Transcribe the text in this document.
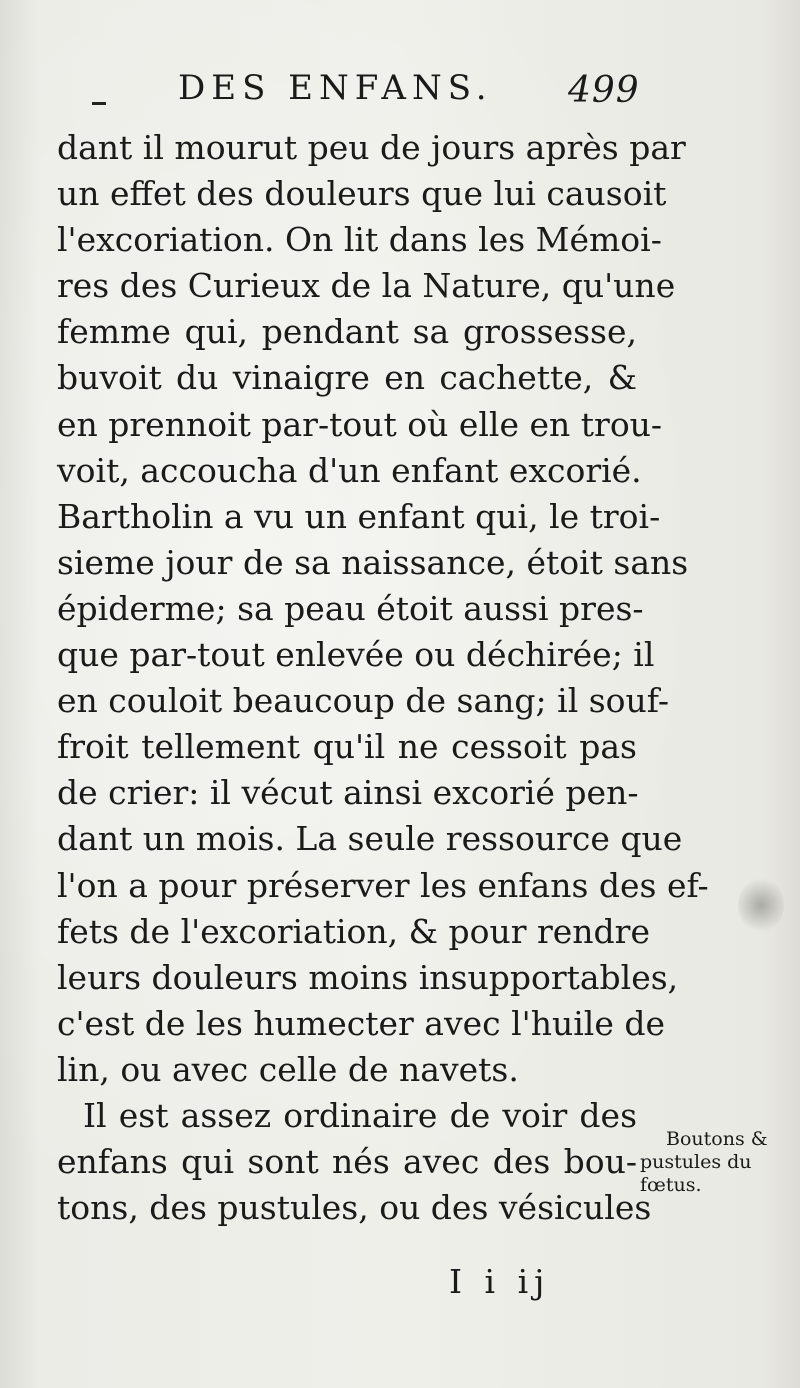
DES ENFANS. 499
dant il mourut peu de jours après par
un effet des douleurs que lui causoit
l'excoriation. On lit dans les Mémoi-
res des Curieux de la Nature, qu'une
femme qui, pendant sa grossesse,
buvoit du vinaigre en cachette, &
en prennoit par-tout où elle en trou-
voit, accoucha d'un enfant excorié.
Bartholin a vu un enfant qui, le troi-
sieme jour de sa naissance, étoit sans
épiderme; sa peau étoit aussi pres-
que par-tout enlevée ou déchirée; il
en couloit beaucoup de sang; il souf-
froit tellement qu'il ne cessoit pas
de crier: il vécut ainsi excorié pen-
dant un mois. La seule ressource que
l'on a pour préserver les enfans des ef-
fets de l'excoriation, & pour rendre
leurs douleurs moins insupportables,
c'est de les humecter avec l'huile de
lin, ou avec celle de navets.
Il est assez ordinaire de voir des
enfans qui sont nés avec des bou-
tons, des pustules, ou des vésicules
Boutons &
pustules du
fœtus.
I i ij
